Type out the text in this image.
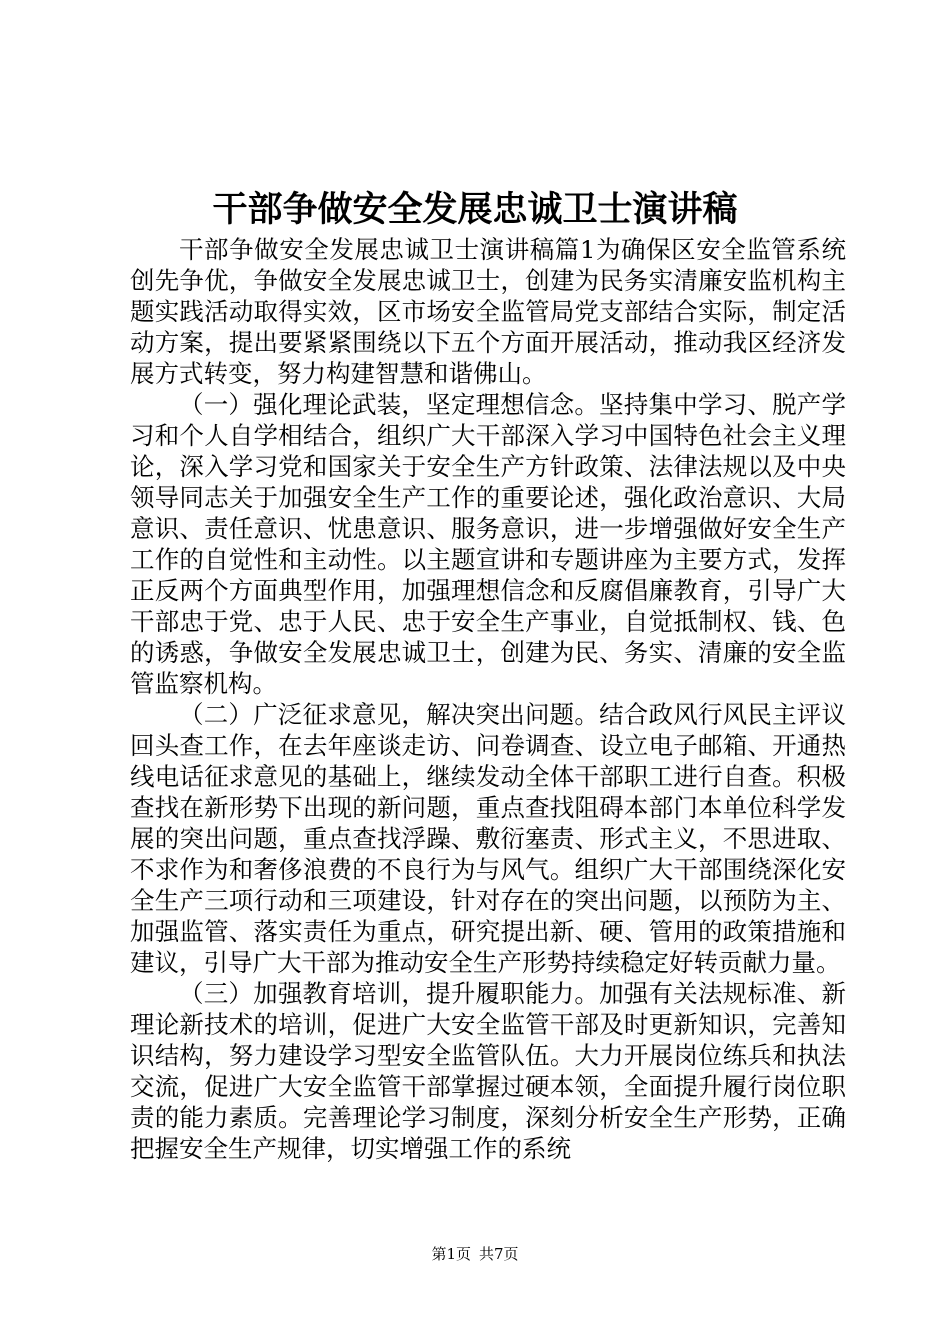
干部争做安全发展忠诚卫士演讲稿

干部争做安全发展忠诚卫士演讲稿篇1为确保区安全监管系统创先争优，争做安全发展忠诚卫士，创建为民务实清廉安监机构主题实践活动取得实效，区市场安全监管局党支部结合实际，制定活动方案，提出要紧紧围绕以下五个方面开展活动，推动我区经济发展方式转变，努力构建智慧和谐佛山。

（一）强化理论武装，坚定理想信念。坚持集中学习、脱产学习和个人自学相结合，组织广大干部深入学习中国特色社会主义理论，深入学习党和国家关于安全生产方针政策、法律法规以及中央领导同志关于加强安全生产工作的重要论述，强化政治意识、大局意识、责任意识、忧患意识、服务意识，进一步增强做好安全生产工作的自觉性和主动性。以主题宣讲和专题讲座为主要方式，发挥正反两个方面典型作用，加强理想信念和反腐倡廉教育，引导广大干部忠于党、忠于人民、忠于安全生产事业，自觉抵制权、钱、色的诱惑，争做安全发展忠诚卫士，创建为民、务实、清廉的安全监管监察机构。

（二）广泛征求意见，解决突出问题。结合政风行风民主评议回头查工作，在去年座谈走访、问卷调查、设立电子邮箱、开通热线电话征求意见的基础上，继续发动全体干部职工进行自查。积极查找在新形势下出现的新问题，重点查找阻碍本部门本单位科学发展的突出问题，重点查找浮躁、敷衍塞责、形式主义，不思进取、不求作为和奢侈浪费的不良行为与风气。组织广大干部围绕深化安全生产三项行动和三项建设，针对存在的突出问题，以预防为主、加强监管、落实责任为重点，研究提出新、硬、管用的政策措施和建议，引导广大干部为推动安全生产形势持续稳定好转贡献力量。

（三）加强教育培训，提升履职能力。加强有关法规标准、新理论新技术的培训，促进广大安全监管干部及时更新知识，完善知识结构，努力建设学习型安全监管队伍。大力开展岗位练兵和执法交流，促进广大安全监管干部掌握过硬本领，全面提升履行岗位职责的能力素质。完善理论学习制度，深刻分析安全生产形势，正确把握安全生产规律，切实增强工作的系统

第1页 共7页
